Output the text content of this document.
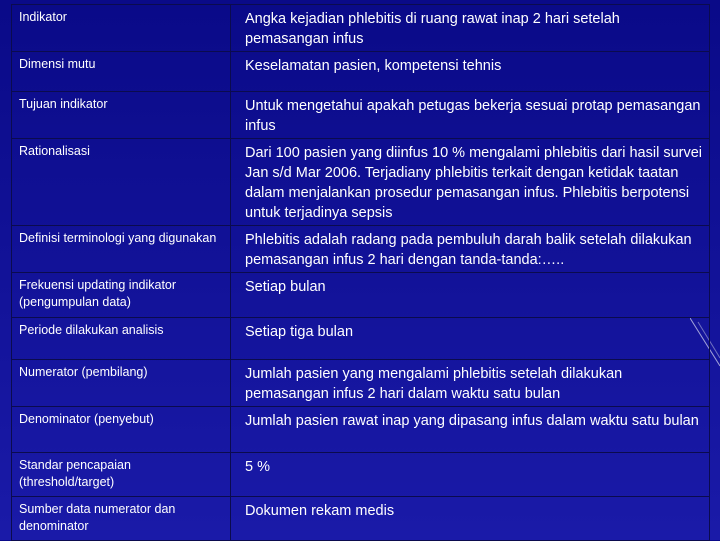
Indikator	Angka kejadian phlebitis di ruang rawat inap 2 hari setelah pemasangan infus
Dimensi mutu	Keselamatan pasien, kompetensi tehnis
Tujuan indikator	Untuk mengetahui apakah petugas bekerja sesuai protap pemasangan infus
Rationalisasi	Dari 100 pasien yang diinfus 10 % mengalami phlebitis dari hasil survei Jan s/d Mar 2006. Terjadiany phlebitis terkait dengan ketidak taatan dalam menjalankan prosedur pemasangan infus. Phlebitis berpotensi untuk terjadinya sepsis
Definisi terminologi yang digunakan	Phlebitis adalah radang pada pembuluh darah balik setelah dilakukan pemasangan infus 2 hari dengan tanda-tanda:…..
Frekuensi updating indikator (pengumpulan data)	Setiap bulan
Periode dilakukan analisis	Setiap tiga bulan
Numerator (pembilang)	Jumlah pasien yang mengalami phlebitis setelah dilakukan pemasangan infus 2 hari dalam waktu satu bulan
Denominator (penyebut)	Jumlah pasien rawat inap yang dipasang infus dalam waktu satu bulan
Standar pencapaian (threshold/target)	5 %
Sumber data numerator dan denominator	Dokumen rekam medis
